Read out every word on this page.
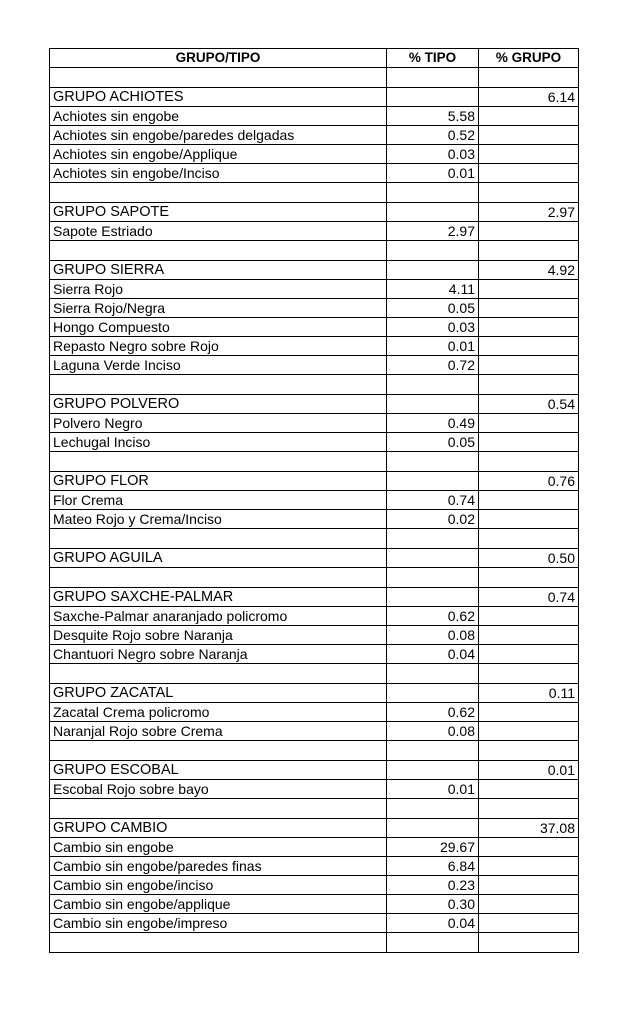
GRUPO/TIPO	% TIPO	% GRUPO

GRUPO ACHIOTES		6.14
Achiotes sin engobe	5.58	
Achiotes sin engobe/paredes delgadas	0.52	
Achiotes sin engobe/Applique	0.03	
Achiotes sin engobe/Inciso	0.01	

GRUPO SAPOTE		2.97
Sapote Estriado	2.97	

GRUPO SIERRA		4.92
Sierra Rojo	4.11	
Sierra Rojo/Negra	0.05	
Hongo Compuesto	0.03	
Repasto Negro sobre Rojo	0.01	
Laguna Verde Inciso	0.72	

GRUPO POLVERO		0.54
Polvero Negro	0.49	
Lechugal Inciso	0.05	

GRUPO FLOR		0.76
Flor Crema	0.74	
Mateo Rojo y Crema/Inciso	0.02	

GRUPO AGUILA		0.50

GRUPO SAXCHE-PALMAR		0.74
Saxche-Palmar anaranjado policromo	0.62	
Desquite Rojo sobre Naranja	0.08	
Chantuori Negro sobre Naranja	0.04	

GRUPO ZACATAL		0.11
Zacatal Crema policromo	0.62	
Naranjal Rojo sobre Crema	0.08	

GRUPO ESCOBAL		0.01
Escobal Rojo sobre bayo	0.01	

GRUPO CAMBIO		37.08
Cambio sin engobe	29.67	
Cambio sin engobe/paredes finas	6.84	
Cambio sin engobe/inciso	0.23	
Cambio sin engobe/applique	0.30	
Cambio sin engobe/impreso	0.04	
